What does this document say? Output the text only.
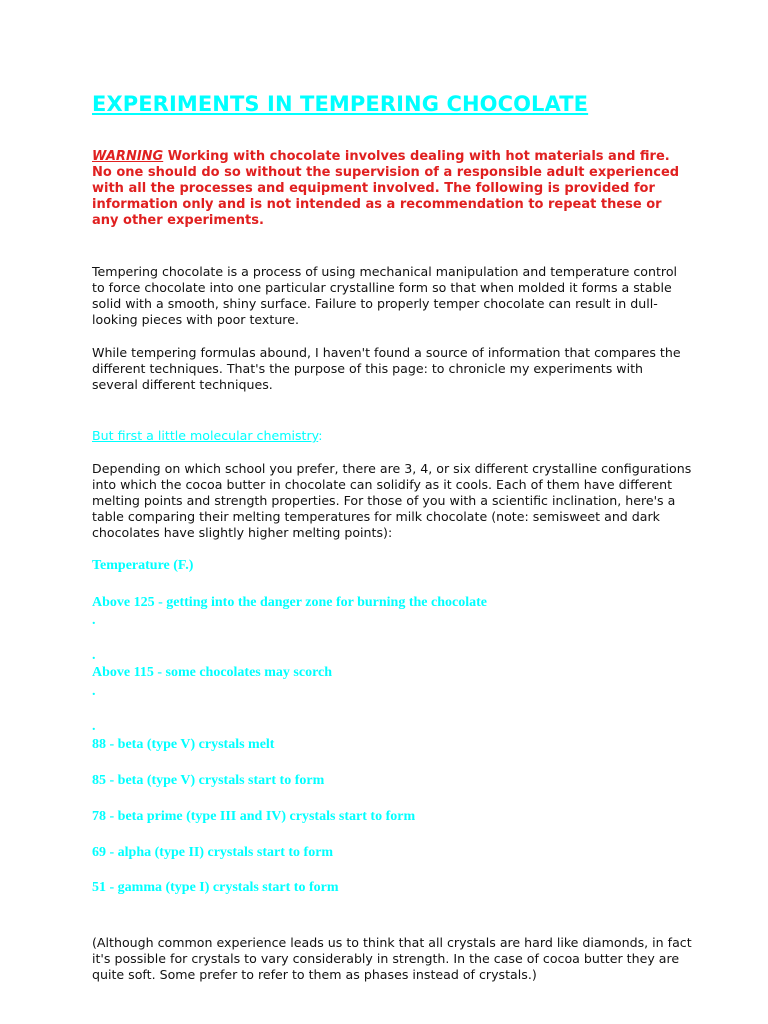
EXPERIMENTS IN TEMPERING CHOCOLATE

WARNING Working with chocolate involves dealing with hot materials and fire. No one should do so without the supervision of a responsible adult experienced with all the processes and equipment involved. The following is provided for information only and is not intended as a recommendation to repeat these or any other experiments.

Tempering chocolate is a process of using mechanical manipulation and temperature control to force chocolate into one particular crystalline form so that when molded it forms a stable solid with a smooth, shiny surface. Failure to properly temper chocolate can result in dull-looking pieces with poor texture.

While tempering formulas abound, I haven't found a source of information that compares the different techniques. That's the purpose of this page: to chronicle my experiments with several different techniques.

But first a little molecular chemistry:

Depending on which school you prefer, there are 3, 4, or six different crystalline configurations into which the cocoa butter in chocolate can solidify as it cools. Each of them have different melting points and strength properties. For those of you with a scientific inclination, here's a table comparing their melting temperatures for milk chocolate (note: semisweet and dark chocolates have slightly higher melting points):

Temperature (F.)

Above 125 - getting into the danger zone for burning the chocolate

.

.

Above 115 - some chocolates may scorch

.

.

88 - beta (type V) crystals melt

85 - beta (type V) crystals start to form

78 - beta prime (type III and IV) crystals start to form

69 - alpha (type II) crystals start to form

51 - gamma (type I) crystals start to form

(Although common experience leads us to think that all crystals are hard like diamonds, in fact it's possible for crystals to vary considerably in strength. In the case of cocoa butter they are quite soft. Some prefer to refer to them as phases instead of crystals.)
